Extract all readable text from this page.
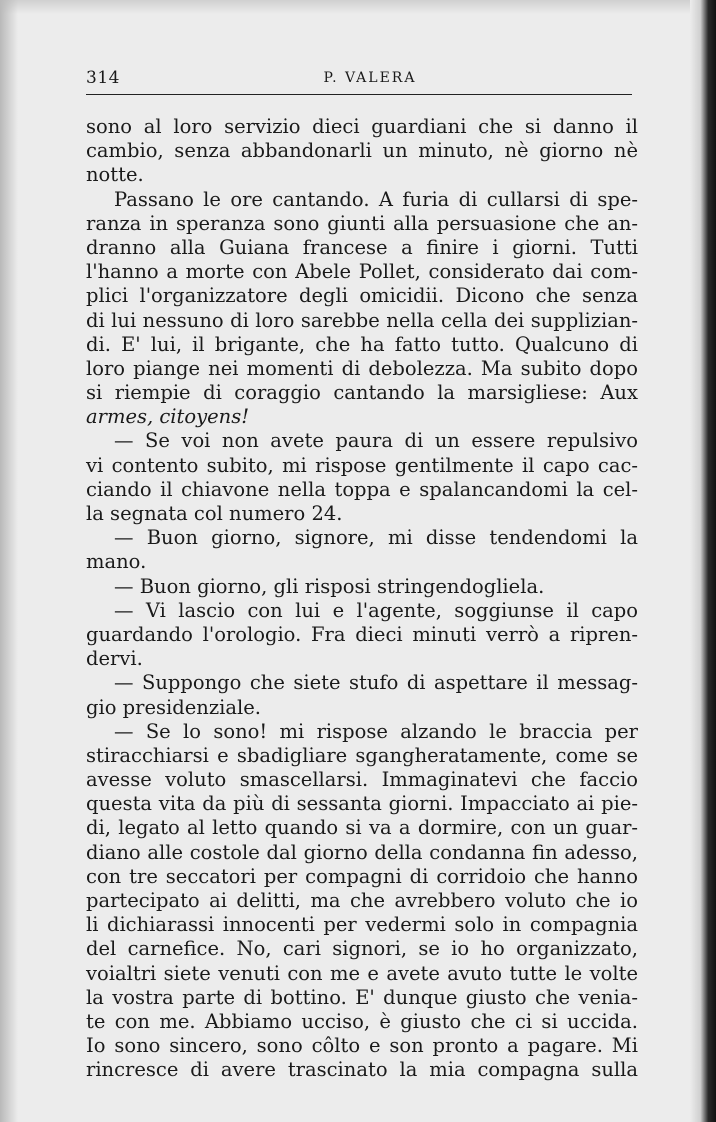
314	P. VALERA
sono al loro servizio dieci guardiani che si danno il
cambio, senza abbandonarli un minuto, nè giorno nè
notte.
Passano le ore cantando. A furia di cullarsi di spe-
ranza in speranza sono giunti alla persuasione che an-
dranno alla Guiana francese a finire i giorni. Tutti
l'hanno a morte con Abele Pollet, considerato dai com-
plici l'organizzatore degli omicidii. Dicono che senza
di lui nessuno di loro sarebbe nella cella dei supplizian-
di. E' lui, il brigante, che ha fatto tutto. Qualcuno di
loro piange nei momenti di debolezza. Ma subito dopo
si riempie di coraggio cantando la marsigliese: Aux
armes, citoyens!
— Se voi non avete paura di un essere repulsivo
vi contento subito, mi rispose gentilmente il capo cac-
ciando il chiavone nella toppa e spalancandomi la cel-
la segnata col numero 24.
— Buon giorno, signore, mi disse tendendomi la
mano.
— Buon giorno, gli risposi stringendogliela.
— Vi lascio con lui e l'agente, soggiunse il capo
guardando l'orologio. Fra dieci minuti verrò a ripren-
dervi.
— Suppongo che siete stufo di aspettare il messag-
gio presidenziale.
— Se lo sono! mi rispose alzando le braccia per
stiracchiarsi e sbadigliare sgangheratamente, come se
avesse voluto smascellarsi. Immaginatevi che faccio
questa vita da più di sessanta giorni. Impacciato ai pie-
di, legato al letto quando si va a dormire, con un guar-
diano alle costole dal giorno della condanna fin adesso,
con tre seccatori per compagni di corridoio che hanno
partecipato ai delitti, ma che avrebbero voluto che io
li dichiarassi innocenti per vedermi solo in compagnia
del carnefice. No, cari signori, se io ho organizzato,
voialtri siete venuti con me e avete avuto tutte le volte
la vostra parte di bottino. E' dunque giusto che venia-
te con me. Abbiamo ucciso, è giusto che ci si uccida.
Io sono sincero, sono côlto e son pronto a pagare. Mi
rincresce di avere trascinato la mia compagna sulla
